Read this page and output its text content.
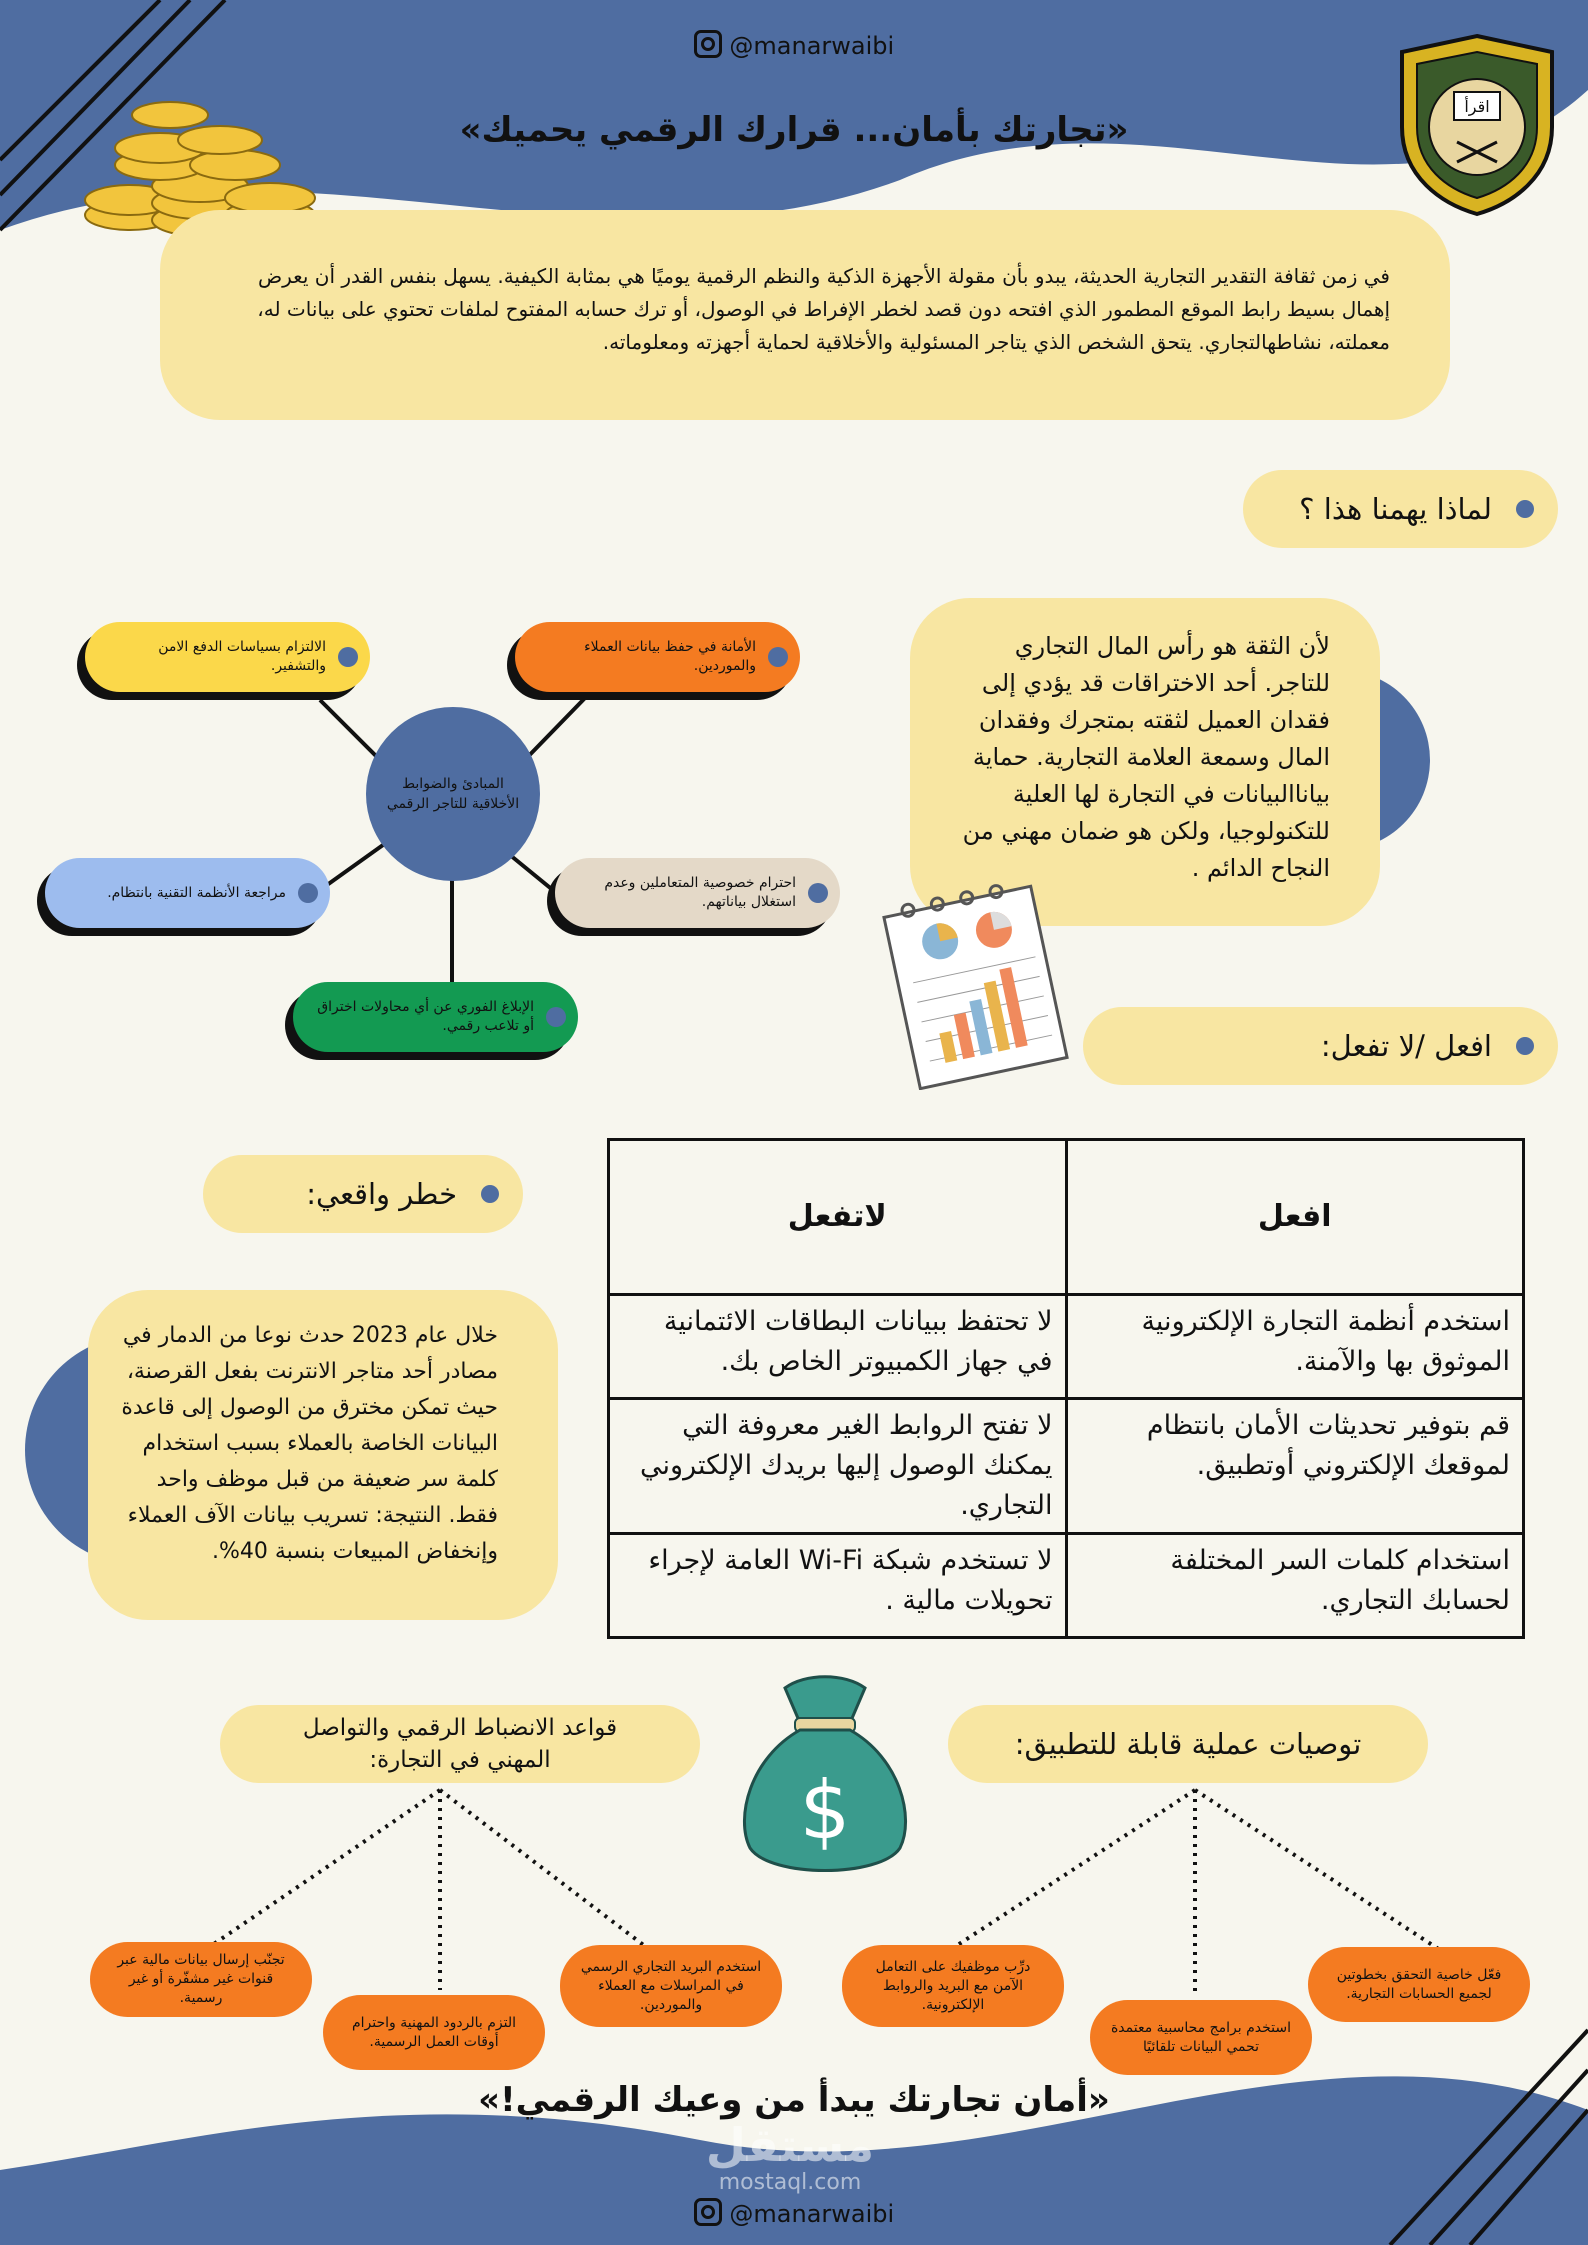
@manarwaibi
«تجارتك بأمان... قرارك الرقمي يحميك»
اقرأ
في زمن ثقافة التقدير التجارية الحديثة، يبدو بأن مقولة الأجهزة الذكية والنظم الرقمية يوميًا هي بمثابة الكيفية. يسهل بنفس القدر أن يعرض إهمال بسيط رابط الموقع المطمور الذي افتحه دون قصد لخطر الإفراط في الوصول، أو ترك حسابه المفتوح لملفات تحتوي على بيانات له، معملته، نشاطهالتجاري. يتحق الشخص الذي يتاجر المسئولية والأخلاقية لحماية أجهزته ومعلوماته.
لماذا يهمنا هذا ؟
لأن الثقة هو رأس المال التجاري للتاجر. أحد الاختراقات قد يؤدي إلى فقدان العميل لثقته بمتجرك وفقدان المال وسمعة العلامة التجارية. حماية بياناالبيانات في التجارة لها العلية للتكنولوجيا، ولكن هو ضمان مهني من النجاح الدائم .
المبادئ والضوابط الأخلاقية للتاجر الرقمي
الالتزام بسياسات الدفع الامن والتشفير.
الأمانة في حفظ بيانات العملاء والموردين.
مراجعة الأنظمة التقنية بانتظام.
احترام خصوصية المتعاملين وعدم استغلال بياناتهم.
الإبلاغ الفوري عن أي محاولات اختراق أو تلاعب رقمي.
افعل /لا تفعل:
افعل	لاتفعل
استخدم أنظمة التجارة الإلكترونية الموثوق بها والآمنة.	لا تحتفظ ببيانات البطاقات الائتمانية في جهاز الكمبيوتر الخاص بك.
قم بتوفير تحديثات الأمان بانتظام لموقعك الإلكتروني أوتطبيق.	لا تفتح الروابط الغير معروفة التي يمكنك الوصول إليها بريدك الإلكتروني التجاري.
استخدام كلمات السر المختلفة لحسابك التجاري.	لا تستخدم شبكة Wi-Fi العامة لإجراء تحويلات مالية .
خطر واقعي:
خلال عام 2023 حدث نوعا من الدمار في مصادر أحد متاجر الانترنت بفعل القرصنة، حيث تمكن مخترق من الوصول إلى قاعدة البيانات الخاصة بالعملاء بسبب استخدام كلمة سر ضعيفة من قبل موظف واحد فقط. النتيجة: تسريب بيانات الآف العملاء وإنخفاض المبيعات بنسبة 40%.
$
توصيات عملية قابلة للتطبيق:
قواعد الانضباط الرقمي والتواصل المهني في التجارة:
تجنّب إرسال بيانات مالية عبر قنوات غير مشفّرة أو غير رسمية.
التزم بالردود المهنية واحترام أوقات العمل الرسمية.
استخدم البريد التجاري الرسمي في المراسلات مع العملاء والموردين.
درِّب موظفيك على التعامل الآمن مع البريد والروابط الإلكترونية.
استخدم برامج محاسبية معتمدة تحمي البيانات تلقائيًا
فعّل خاصية التحقق بخطوتين لجميع الحسابات التجارية.
«أمان تجارتك يبدأ من وعيك الرقمي!»
مستقل
mostaql.com
@manarwaibi
